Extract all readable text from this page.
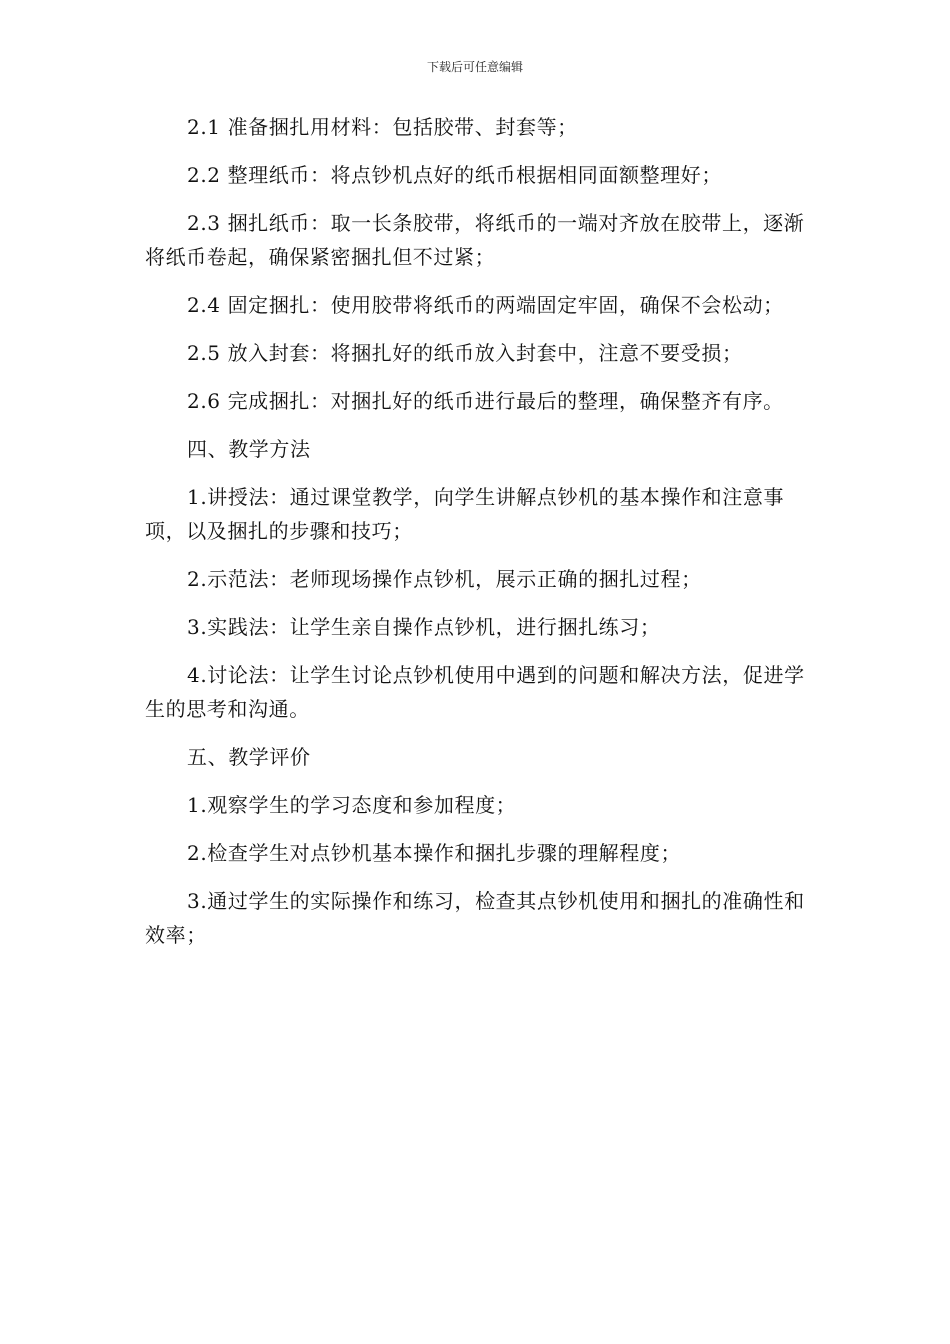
下载后可任意编辑

2.1 准备捆扎用材料：包括胶带、封套等；

2.2 整理纸币：将点钞机点好的纸币根据相同面额整理好；

2.3 捆扎纸币：取一长条胶带，将纸币的一端对齐放在胶带上，逐渐将纸币卷起，确保紧密捆扎但不过紧；

2.4 固定捆扎：使用胶带将纸币的两端固定牢固，确保不会松动；

2.5 放入封套：将捆扎好的纸币放入封套中，注意不要受损；

2.6 完成捆扎：对捆扎好的纸币进行最后的整理，确保整齐有序。

四、教学方法

1.讲授法：通过课堂教学，向学生讲解点钞机的基本操作和注意事项，以及捆扎的步骤和技巧；

2.示范法：老师现场操作点钞机，展示正确的捆扎过程；

3.实践法：让学生亲自操作点钞机，进行捆扎练习；

4.讨论法：让学生讨论点钞机使用中遇到的问题和解决方法，促进学生的思考和沟通。

五、教学评价

1.观察学生的学习态度和参加程度；

2.检查学生对点钞机基本操作和捆扎步骤的理解程度；

3.通过学生的实际操作和练习，检查其点钞机使用和捆扎的准确性和效率；
